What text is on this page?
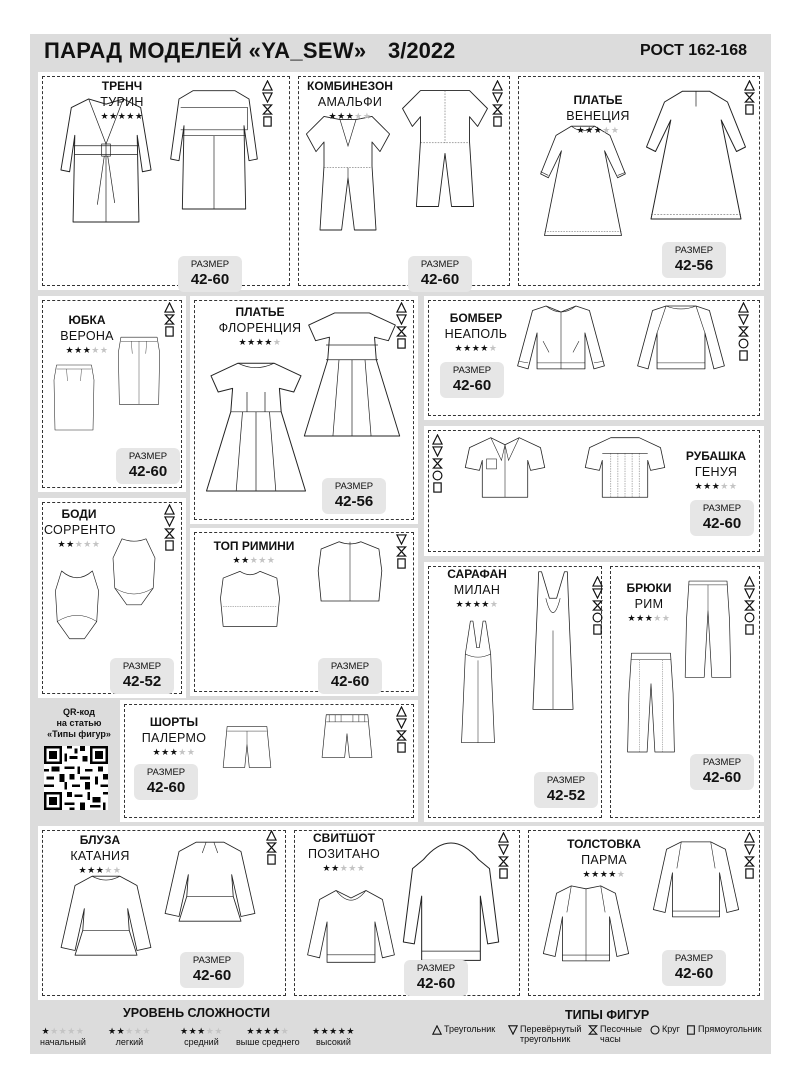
ПАРАД МОДЕЛЕЙ «YA_SEW» 3/2022	РОСТ 162-168
ТРЕНЧ
ТУРИН
★★★★★
РАЗМЕР
42-60
КОМБИНЕЗОН
АМАЛЬФИ
★★★★★
РАЗМЕР
42-60
ПЛАТЬЕ
ВЕНЕЦИЯ
★★★★★
РАЗМЕР
42-56
ЮБКА
ВЕРОНА
★★★★★
РАЗМЕР
42-60
ПЛАТЬЕ
ФЛОРЕНЦИЯ
★★★★★
РАЗМЕР
42-56
БОМБЕР
НЕАПОЛЬ
★★★★★
РАЗМЕР
42-60
РУБАШКА
ГЕНУЯ
★★★★★
РАЗМЕР
42-60
БОДИ
СОРРЕНТО
★★★★★
РАЗМЕР
42-52
ТОП РИМИНИ
★★★★★
РАЗМЕР
42-60
САРАФАН
МИЛАН
★★★★★
РАЗМЕР
42-52
БРЮКИ
РИМ
★★★★★
РАЗМЕР
42-60
ШОРТЫ
ПАЛЕРМО
★★★★★
РАЗМЕР
42-60
БЛУЗА
КАТАНИЯ
★★★★★
РАЗМЕР
42-60
СВИТШОТ
ПОЗИТАНО
★★★★★
РАЗМЕР
42-60
ТОЛСТОВКА
ПАРМА
★★★★★
РАЗМЕР
42-60
QR-код
на статью
«Типы фигур»
УРОВЕНЬ СЛОЖНОСТИ
★★★★★
начальный
★★★★★
легкий
★★★★★
средний
★★★★★
выше среднего
★★★★★
высокий
ТИПЫ ФИГУР
Треугольник	Перевёрнутый
треугольник
Песочные
часы
Круг Прямоугольник
